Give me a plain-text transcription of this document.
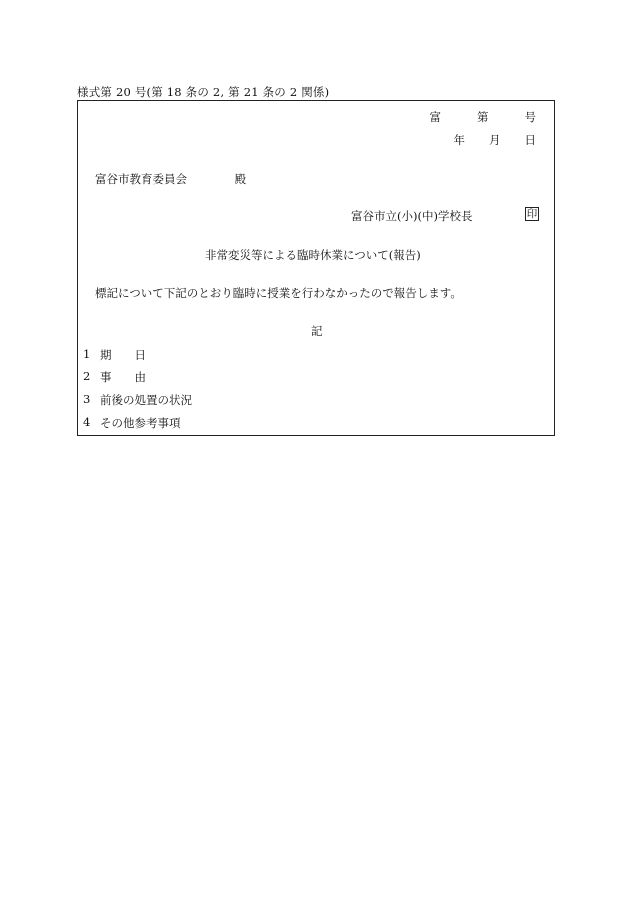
様式第 20 号(第 18 条の 2, 第 21 条の 2 関係)
富	第	号
年 月 日
富谷市教育委員会	殿
富谷市立(小)(中)学校長	印
非常変災等による臨時休業について(報告)
標記について下記のとおり臨時に授業を行わなかったので報告します。
記
1 期　　日
2 事　　由
3 前後の処置の状況
4 その他参考事項
